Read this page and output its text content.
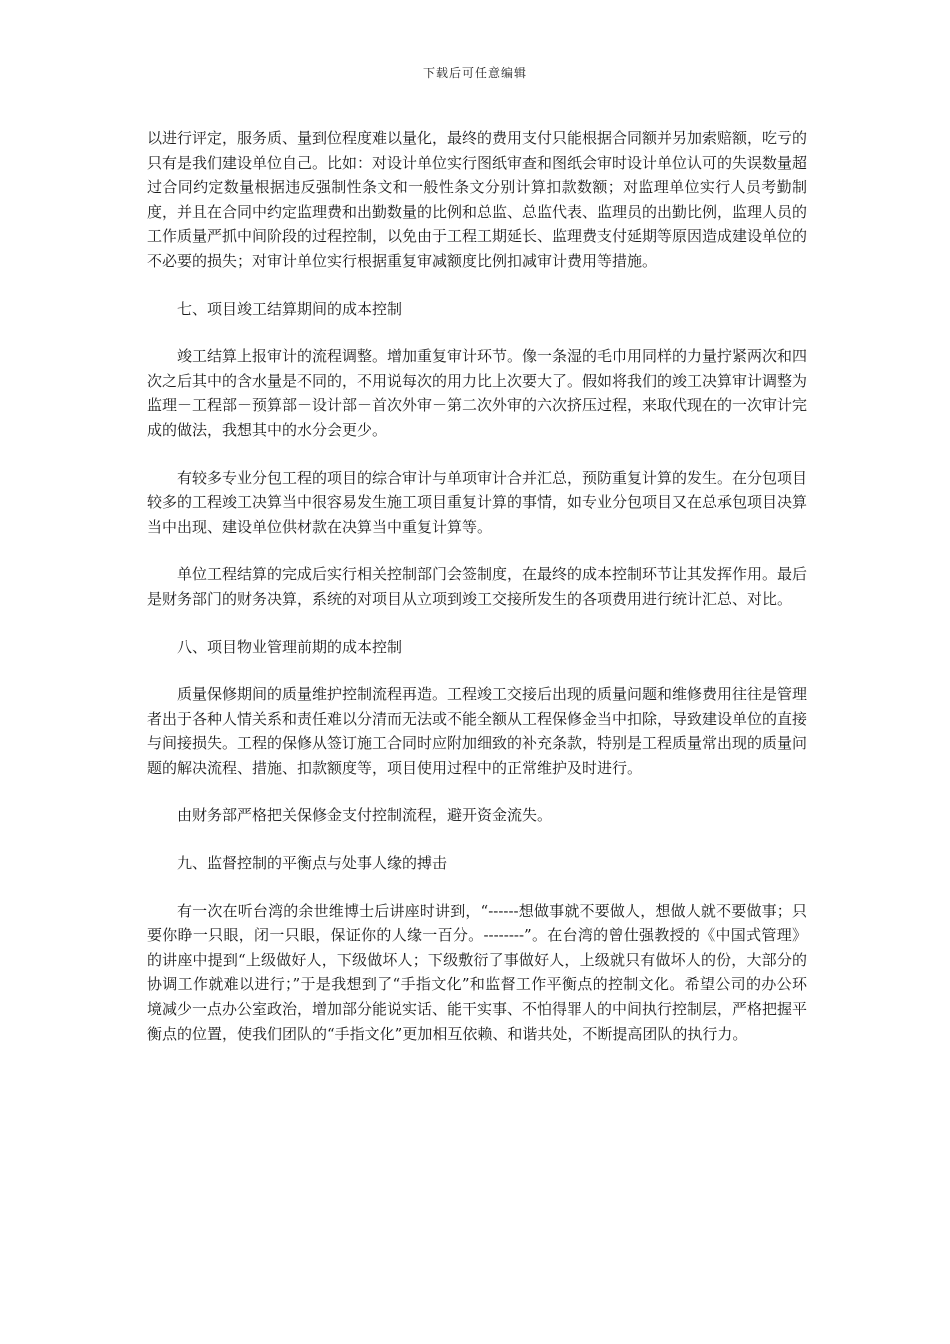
下载后可任意编辑

以进行评定，服务质、量到位程度难以量化，最终的费用支付只能根据合同额并另加索赔额，吃亏的只有是我们建设单位自己。比如：对设计单位实行图纸审查和图纸会审时设计单位认可的失误数量超过合同约定数量根据违反强制性条文和一般性条文分别计算扣款数额；对监理单位实行人员考勤制度，并且在合同中约定监理费和出勤数量的比例和总监、总监代表、监理员的出勤比例，监理人员的工作质量严抓中间阶段的过程控制，以免由于工程工期延长、监理费支付延期等原因造成建设单位的不必要的损失；对审计单位实行根据重复审减额度比例扣减审计费用等措施。

七、项目竣工结算期间的成本控制

竣工结算上报审计的流程调整。增加重复审计环节。像一条湿的毛巾用同样的力量拧紧两次和四次之后其中的含水量是不同的，不用说每次的用力比上次要大了。假如将我们的竣工决算审计调整为监理－工程部－预算部－设计部－首次外审－第二次外审的六次挤压过程，来取代现在的一次审计完成的做法，我想其中的水分会更少。

有较多专业分包工程的项目的综合审计与单项审计合并汇总，预防重复计算的发生。在分包项目较多的工程竣工决算当中很容易发生施工项目重复计算的事情，如专业分包项目又在总承包项目决算当中出现、建设单位供材款在决算当中重复计算等。

单位工程结算的完成后实行相关控制部门会签制度，在最终的成本控制环节让其发挥作用。最后是财务部门的财务决算，系统的对项目从立项到竣工交接所发生的各项费用进行统计汇总、对比。

八、项目物业管理前期的成本控制

质量保修期间的质量维护控制流程再造。工程竣工交接后出现的质量问题和维修费用往往是管理者出于各种人情关系和责任难以分清而无法或不能全额从工程保修金当中扣除，导致建设单位的直接与间接损失。工程的保修从签订施工合同时应附加细致的补充条款，特别是工程质量常出现的质量问题的解决流程、措施、扣款额度等，项目使用过程中的正常维护及时进行。

由财务部严格把关保修金支付控制流程，避开资金流失。

九、监督控制的平衡点与处事人缘的搏击

有一次在听台湾的余世维博士后讲座时讲到，“------想做事就不要做人，想做人就不要做事；只要你睁一只眼，闭一只眼，保证你的人缘一百分。--------”。在台湾的曾仕强教授的《中国式管理》的讲座中提到“上级做好人，下级做坏人；下级敷衍了事做好人，上级就只有做坏人的份，大部分的协调工作就难以进行；”于是我想到了“手指文化”和监督工作平衡点的控制文化。希望公司的办公环境减少一点办公室政治，增加部分能说实话、能干实事、不怕得罪人的中间执行控制层，严格把握平衡点的位置，使我们团队的“手指文化”更加相互依赖、和谐共处，不断提高团队的执行力。
